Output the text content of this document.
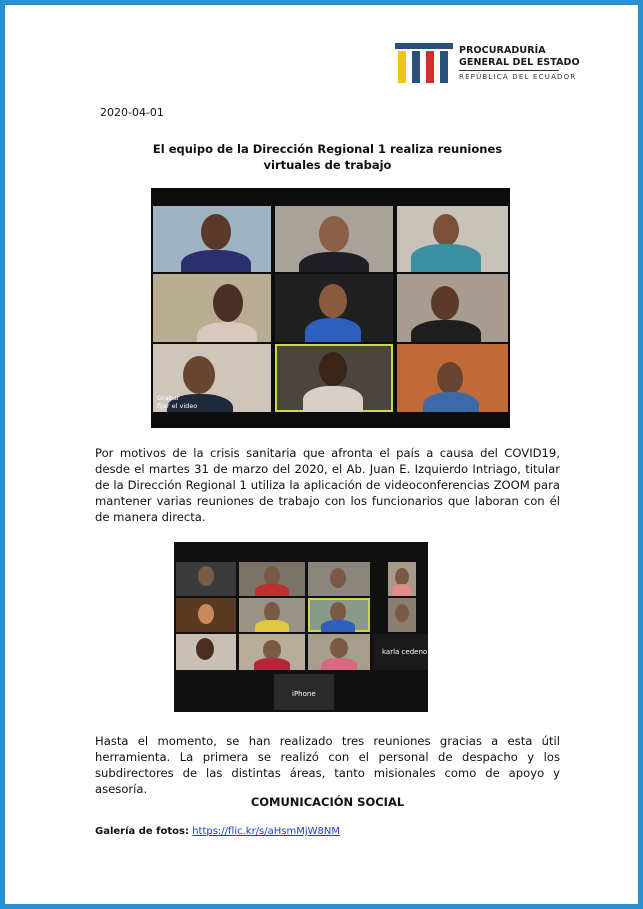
PROCURADURÍA
GENERAL DEL ESTADO
REPÚBLICA DEL ECUADOR
2020-04-01
El equipo de la Dirección Regional 1 realiza reuniones virtuales de trabajo
Grabar
fijar el video
Por motivos de la crisis sanitaria que afronta el país a causa del COVID19, desde el martes 31 de marzo del 2020, el Ab. Juan E. Izquierdo Intriago, titular de la Dirección Regional 1 utiliza la aplicación de videoconferencias ZOOM para mantener varias reuniones de trabajo con los funcionarios que laboran con él de manera directa.
karla cedeno
iPhone
Hasta el momento, se han realizado tres reuniones gracias a esta útil herramienta. La primera se realizó con el personal de despacho y los subdirectores de las distintas áreas, tanto misionales como de apoyo y asesoría.
COMUNICACIÓN SOCIAL
Galería de fotos: https://flic.kr/s/aHsmMjW8NM
